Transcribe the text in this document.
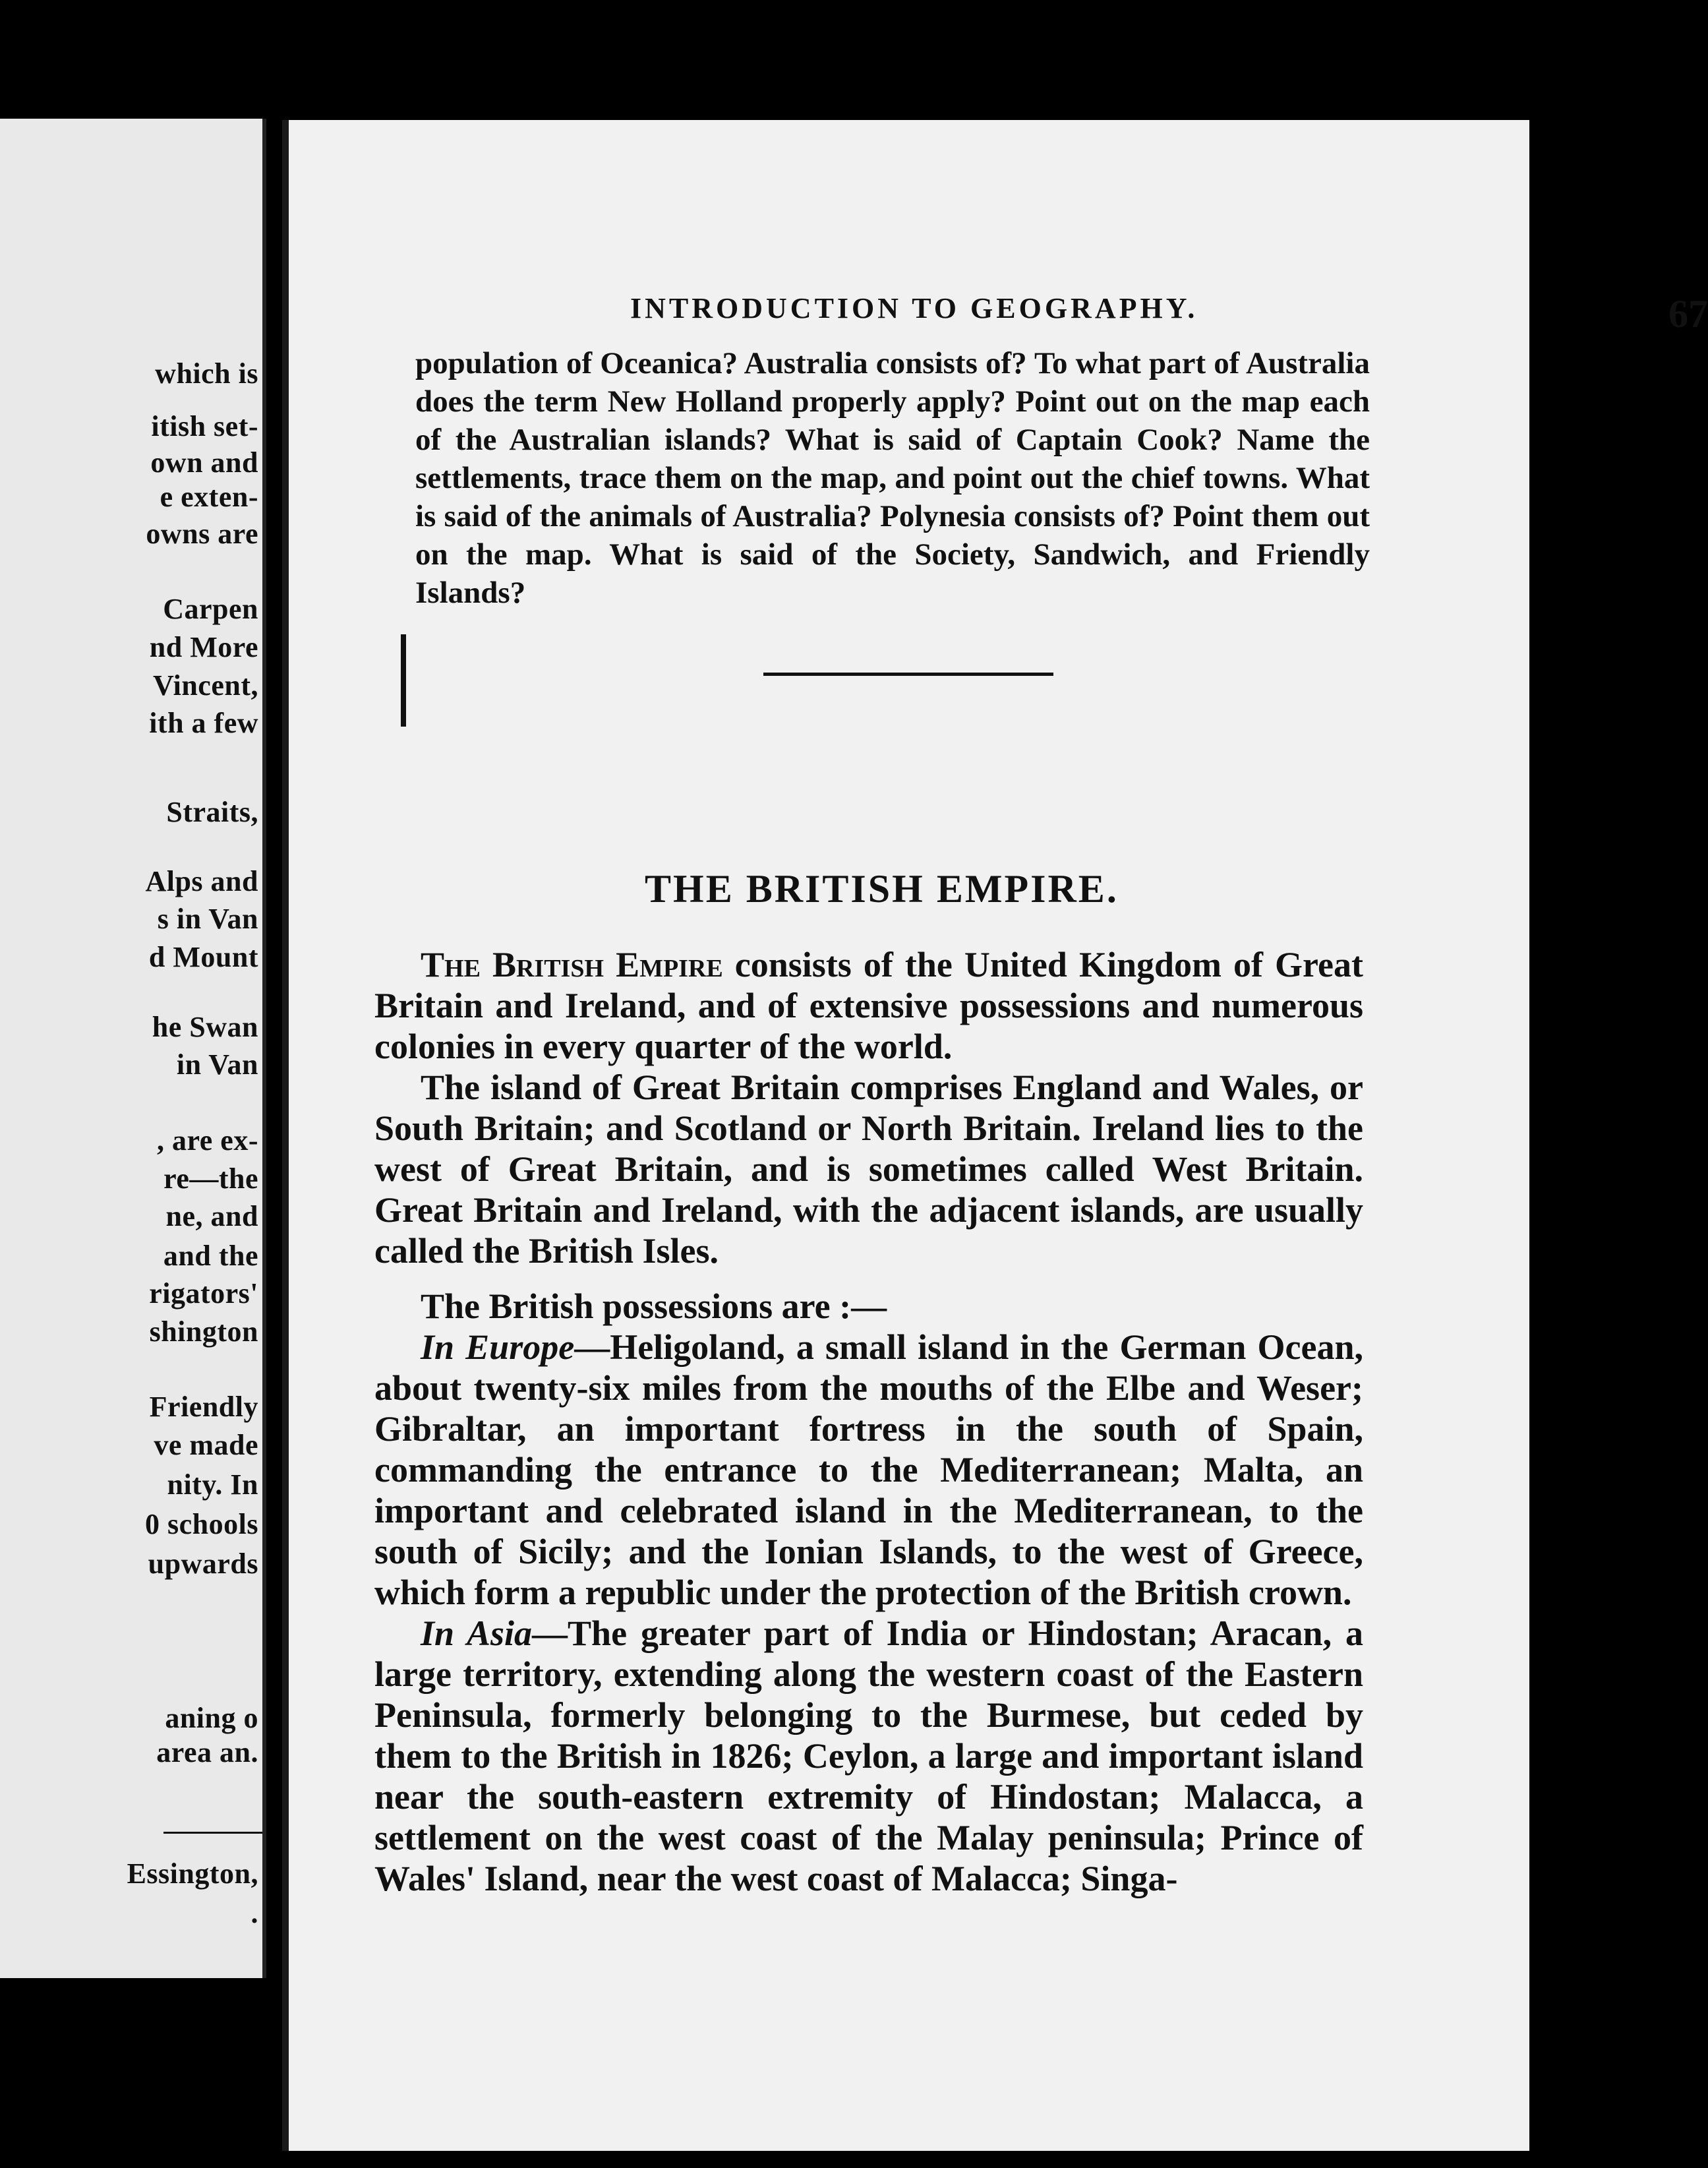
which is
itish set-
own and
e exten-
owns are
Carpen
nd More
Vincent,
ith a few
Straits,
Alps and
s in Van
d Mount
he Swan
in Van
, are ex-
re—the
ne, and
and the
rigators'
shington
Friendly
ve made
nity. In
0 schools
upwards
aning o
area an.
Essington,
.
INTRODUCTION TO GEOGRAPHY.	67
population of Oceanica? Australia consists of? To what part of Australia does the term New Holland properly apply? Point out on the map each of the Australian islands? What is said of Captain Cook? Name the settlements, trace them on the map, and point out the chief towns. What is said of the animals of Australia? Polynesia consists of? Point them out on the map. What is said of the Society, Sandwich, and Friendly Islands?
THE BRITISH EMPIRE.

The British Empire consists of the United Kingdom of Great Britain and Ireland, and of extensive possessions and numerous colonies in every quarter of the world.

The island of Great Britain comprises England and Wales, or South Britain; and Scotland or North Britain. Ireland lies to the west of Great Britain, and is sometimes called West Britain. Great Britain and Ireland, with the adjacent islands, are usually called the British Isles.

The British possessions are :—

In Europe—Heligoland, a small island in the German Ocean, about twenty-six miles from the mouths of the Elbe and Weser; Gibraltar, an important fortress in the south of Spain, commanding the entrance to the Mediterranean; Malta, an important and celebrated island in the Mediterranean, to the south of Sicily; and the Ionian Islands, to the west of Greece, which form a republic under the protection of the British crown.

In Asia—The greater part of India or Hindostan; Aracan, a large territory, extending along the western coast of the Eastern Peninsula, formerly belonging to the Burmese, but ceded by them to the British in 1826; Ceylon, a large and important island near the south-eastern extremity of Hindostan; Malacca, a settlement on the west coast of the Malay peninsula; Prince of Wales' Island, near the west coast of Malacca; Singa-
